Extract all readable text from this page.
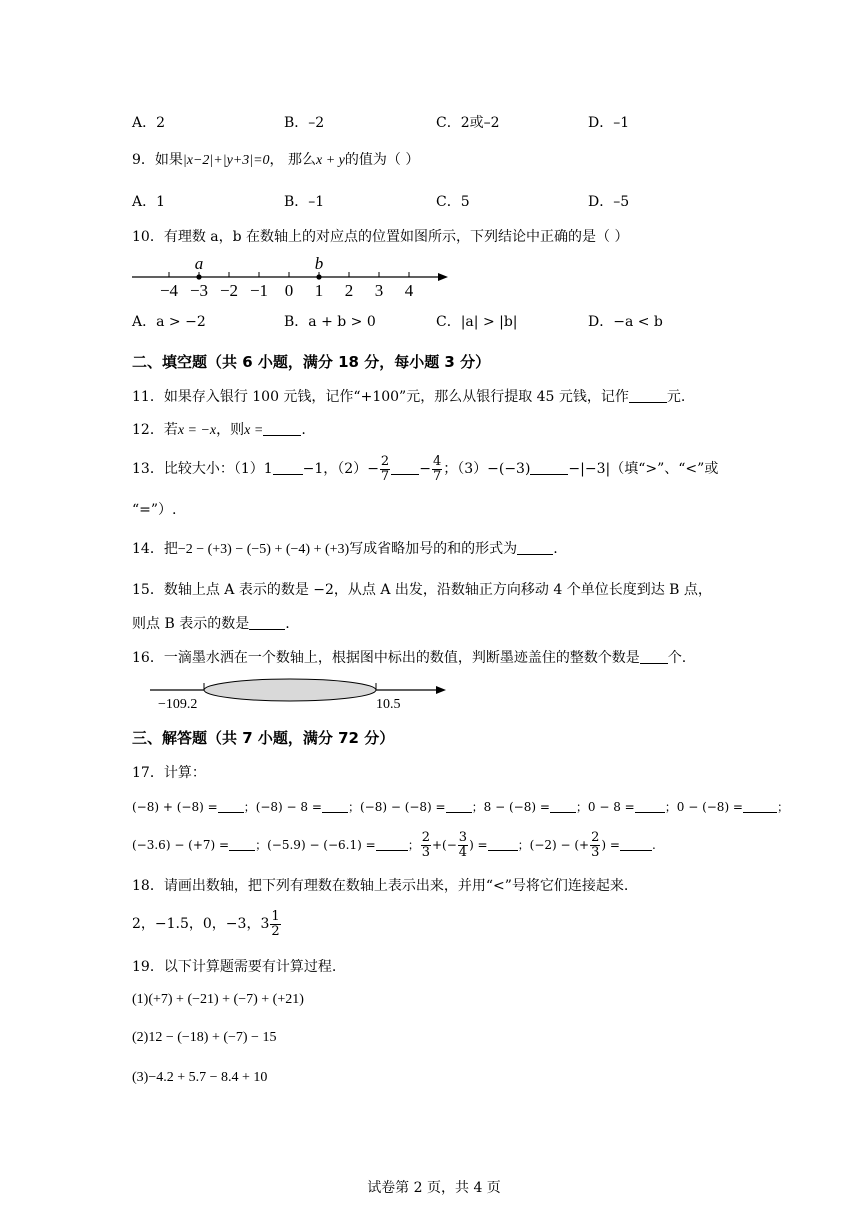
A．2	B．–2	C．2或–2	D．–1
9．如果|x−2|+|y+3|=0， 那么x + y的值为（ ）
A．1	B．–1	C．5	D．–5
10．有理数 a，b 在数轴上的对应点的位置如图所示，下列结论中正确的是（ ）
−4 −3 −2 −1 0 1 2 3 4
a	b
A．a > −2	B．a + b > 0	C．|a| > |b|	D．−a < b
二、填空题（共 6 小题，满分 18 分，每小题 3 分）
11．如果存入银行 100 元钱，记作“+100”元，那么从银行提取 45 元钱，记作	元.
12．若x = −x，则x =	.
13．比较大小：（1）1 −1，$(2)- \frac{2}{7} - \frac{4}{7}$ ；（3）−(−3)	−|−3|（填“>”、“<”或
“=”）.
14．把−2 − (+3) − (−5) + (−4) + (+3)写成省略加号的和的形式为	.
15．数轴上点 A 表示的数是 −2，从点 A 出发，沿数轴正方向移动 4 个单位长度到达 B 点，
则点 B 表示的数是	.
16．一滴墨水洒在一个数轴上，根据图中标出的数值，判断墨迹盖住的整数个数是 个.
−109.2	10.5
三、解答题（共 7 小题，满分 72 分）
17．计算：
(−8) + (−8) = ；(−8) − 8 = ；(−8) − (−8) = ；8 − (−8) = ；0 − 8 =	；0 − (−8) =	；
(−3.6) − (+7) = ；(−5.9) − (−6.1) =	； $\frac{2}{3}$ +(− $\frac{3}{4}$ ) =	；(−2) − (+ $\frac{2}{3}$ ) =	.
18．请画出数轴，把下列有理数在数轴上表示出来，并用“<”号将它们连接起来.
2，−1.5，0，−3，$3 \frac{1}{2}$
19．以下计算题需要有计算过程.
(1)(+7) + (−21) + (−7) + (+21)
(2)12 − (−18) + (−7) − 15
(3)−4.2 + 5.7 − 8.4 + 10
试卷第 2 页，共 4 页
